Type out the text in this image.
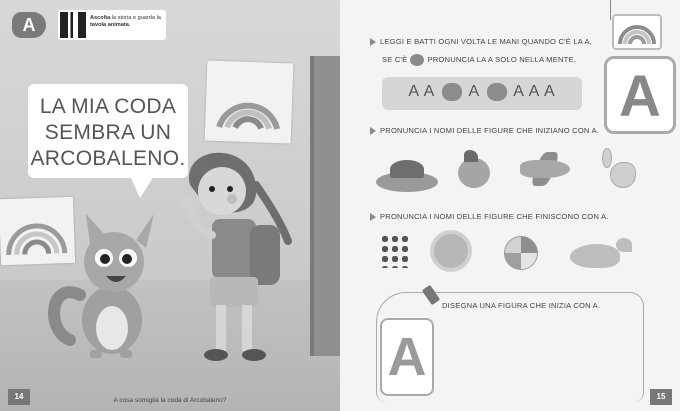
A	Ascolta la storia e guarda la tavola animata.
LA MIA CODA
SEMBRA UN
ARCOBALENO.
14	A cosa somiglia la coda di Arcobaleno?
A
LEGGI E BATTI OGNI VOLTA LE MANI QUANDO C'È LA A,
SE C'È	PRONUNCIA LA A SOLO NELLA MENTE.
A A A A A A
PRONUNCIA I NOMI DELLE FIGURE CHE INIZIANO CON A.
PRONUNCIA I NOMI DELLE FIGURE CHE FINISCONO CON A.
DISEGNA UNA FIGURA CHE INIZIA CON A.
A
15
